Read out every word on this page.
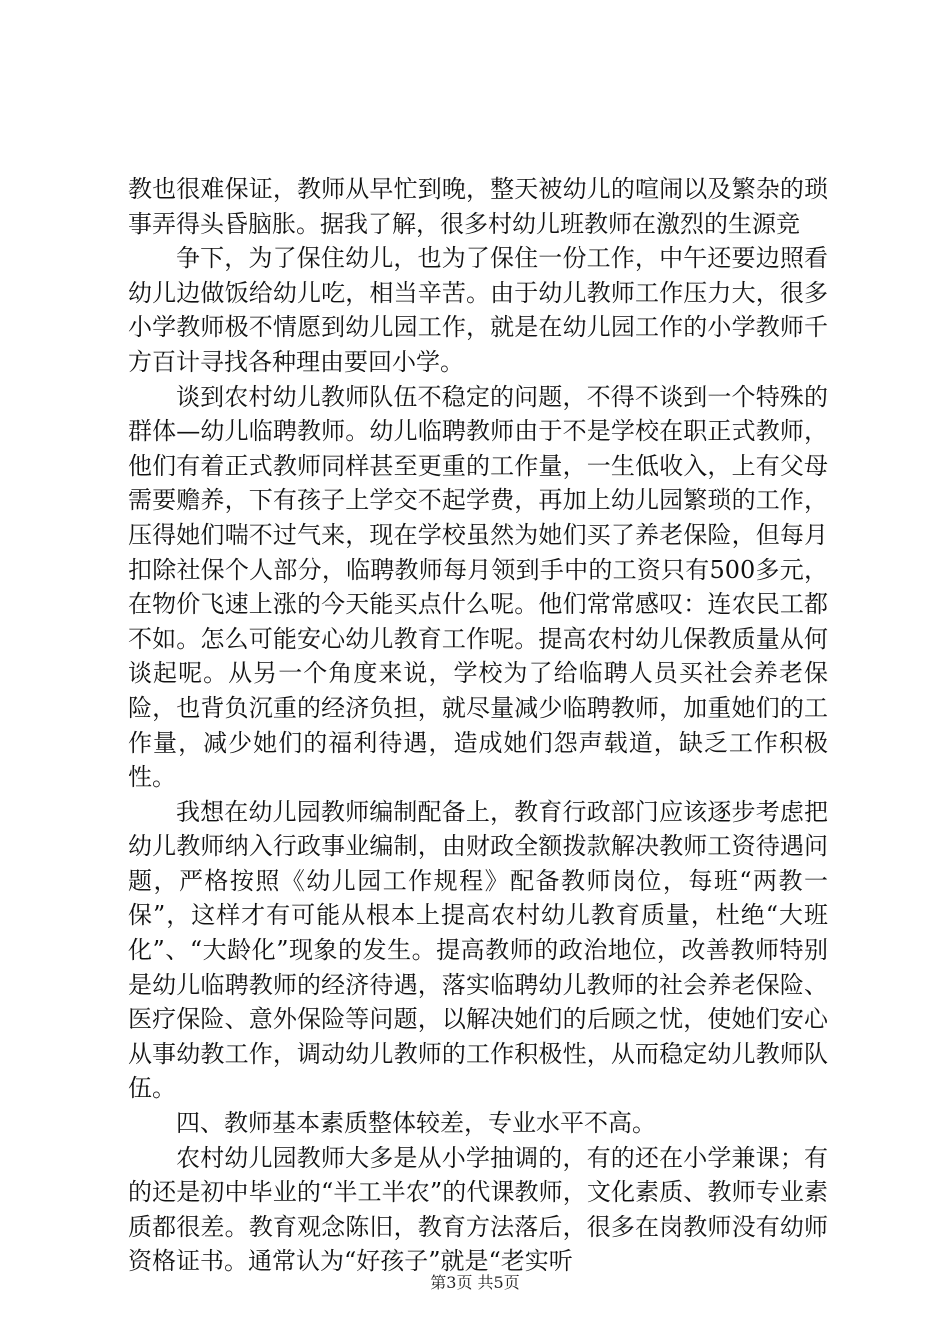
教也很难保证，教师从早忙到晚，整天被幼儿的喧闹以及繁杂的琐事弄得头昏脑胀。据我了解，很多村幼儿班教师在激烈的生源竞

争下，为了保住幼儿，也为了保住一份工作，中午还要边照看幼儿边做饭给幼儿吃，相当辛苦。由于幼儿教师工作压力大，很多小学教师极不情愿到幼儿园工作，就是在幼儿园工作的小学教师千方百计寻找各种理由要回小学。

谈到农村幼儿教师队伍不稳定的问题，不得不谈到一个特殊的群体—幼儿临聘教师。幼儿临聘教师由于不是学校在职正式教师，他们有着正式教师同样甚至更重的工作量，一生低收入，上有父母需要赡养，下有孩子上学交不起学费，再加上幼儿园繁琐的工作，压得她们喘不过气来，现在学校虽然为她们买了养老保险，但每月扣除社保个人部分，临聘教师每月领到手中的工资只有500多元，在物价飞速上涨的今天能买点什么呢。他们常常感叹：连农民工都不如。怎么可能安心幼儿教育工作呢。提高农村幼儿保教质量从何谈起呢。从另一个角度来说，学校为了给临聘人员买社会养老保险，也背负沉重的经济负担，就尽量减少临聘教师，加重她们的工作量，减少她们的福利待遇，造成她们怨声载道，缺乏工作积极性。

我想在幼儿园教师编制配备上，教育行政部门应该逐步考虑把幼儿教师纳入行政事业编制，由财政全额拨款解决教师工资待遇问题，严格按照《幼儿园工作规程》配备教师岗位，每班“两教一保”，这样才有可能从根本上提高农村幼儿教育质量，杜绝“大班化”、“大龄化”现象的发生。提高教师的政治地位，改善教师特别是幼儿临聘教师的经济待遇，落实临聘幼儿教师的社会养老保险、医疗保险、意外保险等问题，以解决她们的后顾之忧，使她们安心从事幼教工作，调动幼儿教师的工作积极性，从而稳定幼儿教师队伍。

四、教师基本素质整体较差，专业水平不高。

农村幼儿园教师大多是从小学抽调的，有的还在小学兼课；有的还是初中毕业的“半工半农”的代课教师，文化素质、教师专业素质都很差。教育观念陈旧，教育方法落后，很多在岗教师没有幼师资格证书。通常认为“好孩子”就是“老实听

第3页 共5页
